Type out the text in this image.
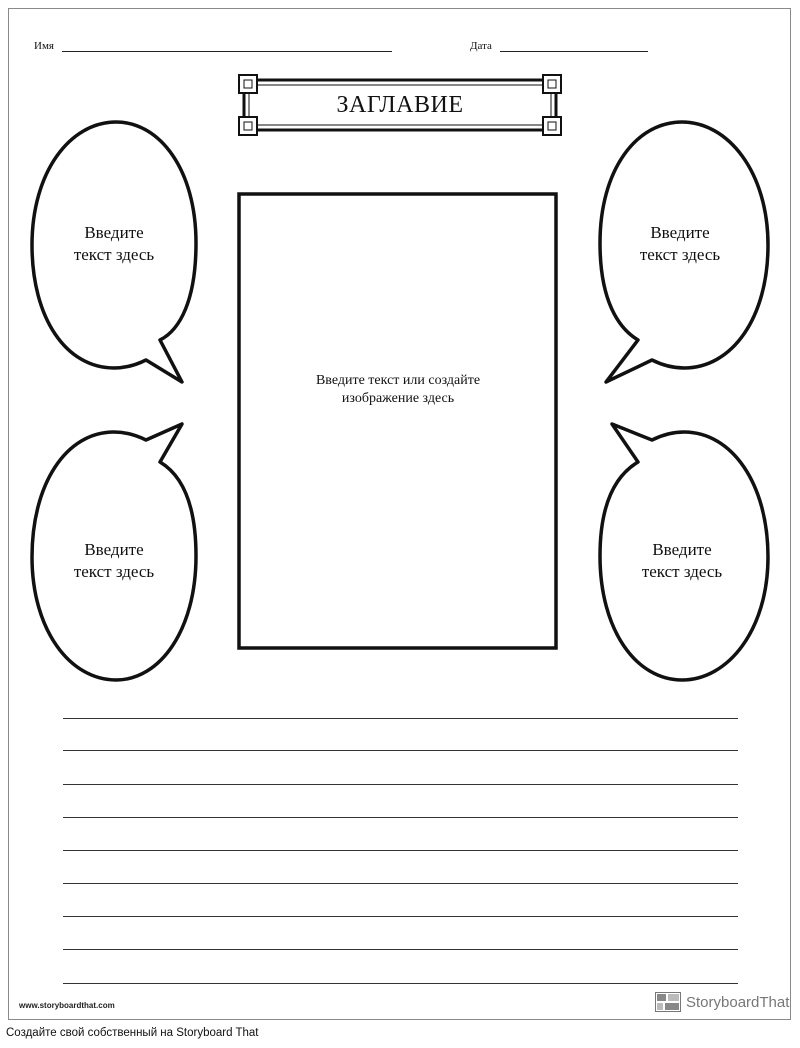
Имя	Дата
ЗАГЛАВИЕ
Введите
текст здесь
Введите
текст здесь
Введите
текст здесь
Введите
текст здесь
Введите текст или создайте
изображение здесь
www.storyboardthat.com	StoryboardThat
Создайте свой собственный на Storyboard That
